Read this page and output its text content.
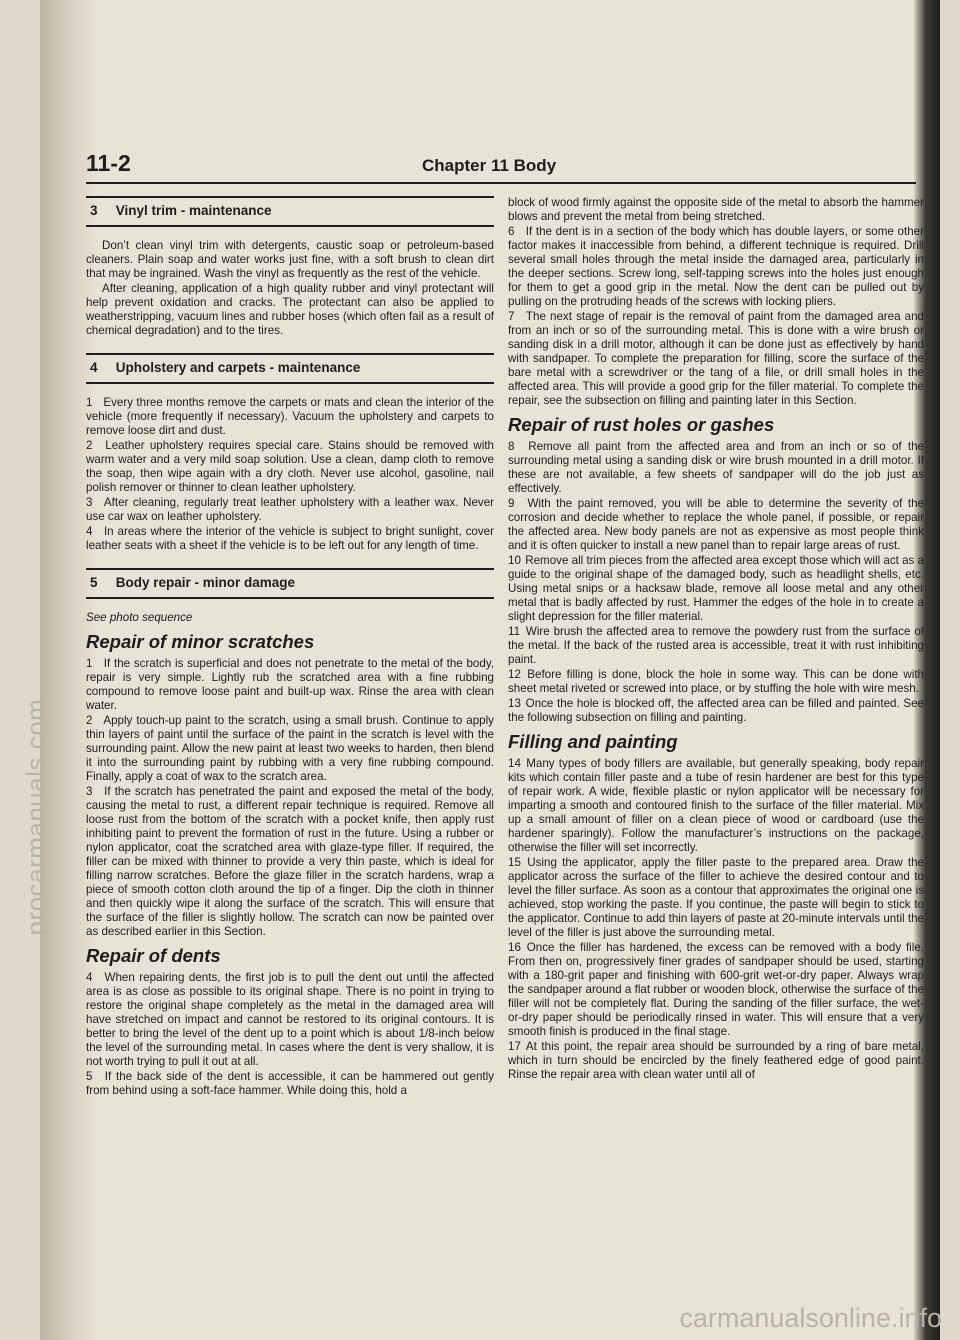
procarmanuals.com
carmanualsonline.info
11-2	Chapter 11 Body
3 Vinyl trim - maintenance

Don’t clean vinyl trim with detergents, caustic soap or petroleum-based cleaners. Plain soap and water works just fine, with a soft brush to clean dirt that may be ingrained. Wash the vinyl as frequently as the rest of the vehicle.

After cleaning, application of a high quality rubber and vinyl protectant will help prevent oxidation and cracks. The protectant can also be applied to weatherstripping, vacuum lines and rubber hoses (which often fail as a result of chemical degradation) and to the tires.

4 Upholstery and carpets - maintenance

1 Every three months remove the carpets or mats and clean the interior of the vehicle (more frequently if necessary). Vacuum the upholstery and carpets to remove loose dirt and dust.

2 Leather upholstery requires special care. Stains should be removed with warm water and a very mild soap solution. Use a clean, damp cloth to remove the soap, then wipe again with a dry cloth. Never use alcohol, gasoline, nail polish remover or thinner to clean leather upholstery.

3 After cleaning, regularly treat leather upholstery with a leather wax. Never use car wax on leather upholstery.

4 In areas where the interior of the vehicle is subject to bright sunlight, cover leather seats with a sheet if the vehicle is to be left out for any length of time.

5 Body repair - minor damage

See photo sequence

Repair of minor scratches

1 If the scratch is superficial and does not penetrate to the metal of the body, repair is very simple. Lightly rub the scratched area with a fine rubbing compound to remove loose paint and built-up wax. Rinse the area with clean water.

2 Apply touch-up paint to the scratch, using a small brush. Continue to apply thin layers of paint until the surface of the paint in the scratch is level with the surrounding paint. Allow the new paint at least two weeks to harden, then blend it into the surrounding paint by rubbing with a very fine rubbing compound. Finally, apply a coat of wax to the scratch area.

3 If the scratch has penetrated the paint and exposed the metal of the body, causing the metal to rust, a different repair technique is required. Remove all loose rust from the bottom of the scratch with a pocket knife, then apply rust inhibiting paint to prevent the formation of rust in the future. Using a rubber or nylon applicator, coat the scratched area with glaze-type filler. If required, the filler can be mixed with thinner to provide a very thin paste, which is ideal for filling narrow scratches. Before the glaze filler in the scratch hardens, wrap a piece of smooth cotton cloth around the tip of a finger. Dip the cloth in thinner and then quickly wipe it along the surface of the scratch. This will ensure that the surface of the filler is slightly hollow. The scratch can now be painted over as described earlier in this Section.

Repair of dents

4 When repairing dents, the first job is to pull the dent out until the affected area is as close as possible to its original shape. There is no point in trying to restore the original shape completely as the metal in the damaged area will have stretched on impact and cannot be restored to its original contours. It is better to bring the level of the dent up to a point which is about 1/8-inch below the level of the surrounding metal. In cases where the dent is very shallow, it is not worth trying to pull it out at all.

5 If the back side of the dent is accessible, it can be hammered out gently from behind using a soft-face hammer. While doing this, hold a

block of wood firmly against the opposite side of the metal to absorb the hammer blows and prevent the metal from being stretched.

6 If the dent is in a section of the body which has double layers, or some other factor makes it inaccessible from behind, a different technique is required. Drill several small holes through the metal inside the damaged area, particularly in the deeper sections. Screw long, self-tapping screws into the holes just enough for them to get a good grip in the metal. Now the dent can be pulled out by pulling on the protruding heads of the screws with locking pliers.

7 The next stage of repair is the removal of paint from the damaged area and from an inch or so of the surrounding metal. This is done with a wire brush or sanding disk in a drill motor, although it can be done just as effectively by hand with sandpaper. To complete the preparation for filling, score the surface of the bare metal with a screwdriver or the tang of a file, or drill small holes in the affected area. This will provide a good grip for the filler material. To complete the repair, see the subsection on filling and painting later in this Section.

Repair of rust holes or gashes

8 Remove all paint from the affected area and from an inch or so of the surrounding metal using a sanding disk or wire brush mounted in a drill motor. If these are not available, a few sheets of sandpaper will do the job just as effectively.

9 With the paint removed, you will be able to determine the severity of the corrosion and decide whether to replace the whole panel, if possible, or repair the affected area. New body panels are not as expensive as most people think and it is often quicker to install a new panel than to repair large areas of rust.

10 Remove all trim pieces from the affected area except those which will act as a guide to the original shape of the damaged body, such as headlight shells, etc. Using metal snips or a hacksaw blade, remove all loose metal and any other metal that is badly affected by rust. Hammer the edges of the hole in to create a slight depression for the filler material.

11 Wire brush the affected area to remove the powdery rust from the surface of the metal. If the back of the rusted area is accessible, treat it with rust inhibiting paint.

12 Before filling is done, block the hole in some way. This can be done with sheet metal riveted or screwed into place, or by stuffing the hole with wire mesh.

13 Once the hole is blocked off, the affected area can be filled and painted. See the following subsection on filling and painting.

Filling and painting

14 Many types of body fillers are available, but generally speaking, body repair kits which contain filler paste and a tube of resin hardener are best for this type of repair work. A wide, flexible plastic or nylon applicator will be necessary for imparting a smooth and contoured finish to the surface of the filler material. Mix up a small amount of filler on a clean piece of wood or cardboard (use the hardener sparingly). Follow the manufacturer’s instructions on the package, otherwise the filler will set incorrectly.

15 Using the applicator, apply the filler paste to the prepared area. Draw the applicator across the surface of the filler to achieve the desired contour and to level the filler surface. As soon as a contour that approximates the original one is achieved, stop working the paste. If you continue, the paste will begin to stick to the applicator. Continue to add thin layers of paste at 20-minute intervals until the level of the filler is just above the surrounding metal.

16 Once the filler has hardened, the excess can be removed with a body file. From then on, progressively finer grades of sandpaper should be used, starting with a 180-grit paper and finishing with 600-grit wet-or-dry paper. Always wrap the sandpaper around a flat rubber or wooden block, otherwise the surface of the filler will not be completely flat. During the sanding of the filler surface, the wet-or-dry paper should be periodically rinsed in water. This will ensure that a very smooth finish is produced in the final stage.

17 At this point, the repair area should be surrounded by a ring of bare metal, which in turn should be encircled by the finely feathered edge of good paint. Rinse the repair area with clean water until all of
